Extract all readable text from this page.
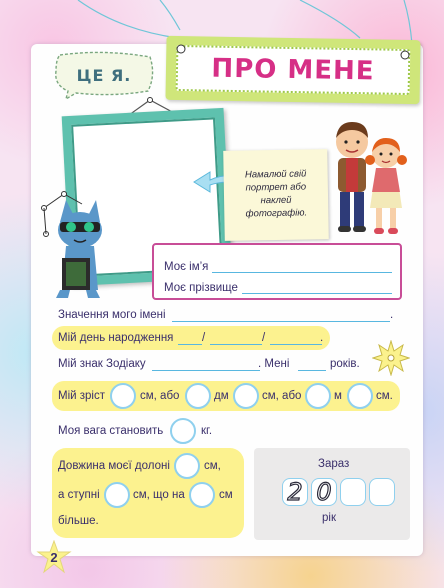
ПРО МЕНЕ
ЦЕ Я.
Намалюй свій портрет або наклей фотографію.
Моє ім’я
Моє прізвище
Значення мого імені	.
Мій день народження /	/	.
Мій знак Зодіаку	. Мені	років.
Мій зріст	см, або	дм	см, або	м	см.
Моя вага становить	кг.
Довжина моєї долоні	см,
а ступні	см, що на	см
більше.
Зараз
2 0
рік
2
